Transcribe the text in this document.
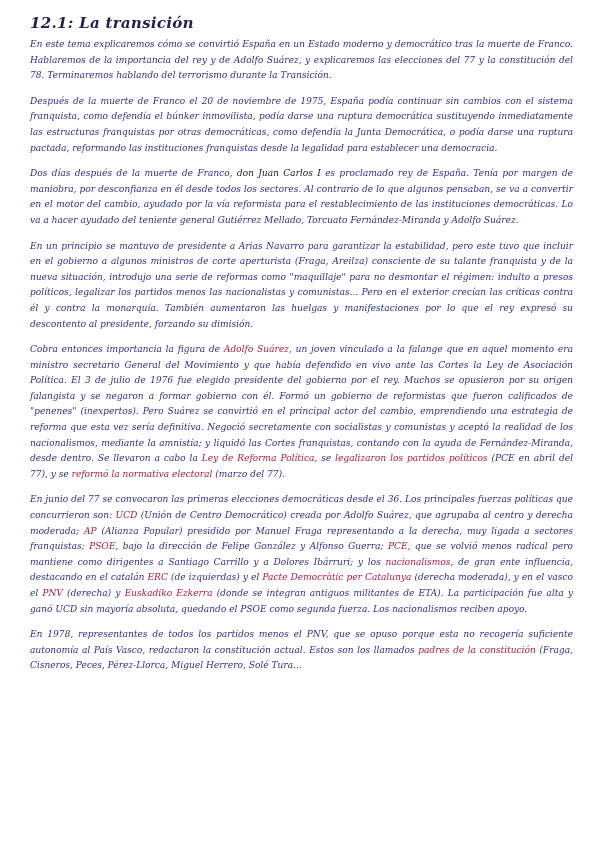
12.1: La transición

En este tema explicaremos cómo se convirtió España en un Estado moderno y democrático tras la muerte de Franco. Hablaremos de la importancia del rey y de Adolfo Suárez, y explicaremos las elecciones del 77 y la constitución del 78. Terminaremos hablando del terrorismo durante la Transición.

Después de la muerte de Franco el 20 de noviembre de 1975, España podía continuar sin cambios con el sistema franquista, como defendía el búnker inmovilista, podía darse una ruptura democrática sustituyendo inmediatamente las estructuras franquistas por otras democráticas, como defendía la Junta Democrática, o podía darse una ruptura pactada, reformando las instituciones franquistas desde la legalidad para establecer una democracia.

Dos días después de la muerte de Franco, don Juan Carlos I es proclamado rey de España. Tenía por margen de maniobra, por desconfianza en él desde todos los sectores. Al contrario de lo que algunos pensaban, se va a convertir en el motor del cambio, ayudado por la vía reformista para el restablecimiento de las instituciones democráticas. Lo va a hacer ayudado del teniente general Gutiérrez Mellado, Torcuato Fernández-Miranda y Adolfo Suárez.

En un principio se mantuvo de presidente a Arias Navarro para garantizar la estabilidad, pero este tuvo que incluir en el gobierno a algunos ministros de corte aperturista (Fraga, Areilza) consciente de su talante franquista y de la nueva situación, introdujo una serie de reformas como "maquillaje" para no desmontar el régimen: indulto a presos políticos, legalizar los partidos menos las nacionalistas y comunistas... Pero en el exterior crecían las críticas contra él y contra la monarquía. También aumentaron las huelgas y manifestaciones por lo que el rey expresó su descontento al presidente, forzando su dimisión.

Cobra entonces importancia la figura de Adolfo Suárez, un joven vinculado a la falange que en aquel momento era ministro secretario General del Movimiento y que había defendido en vivo ante las Cortes la Ley de Asociación Política. El 3 de julio de 1976 fue elegido presidente del gobierno por el rey. Muchos se opusieron por su origen falangista y se negaron a formar gobierno con él. Formó un gobierno de reformistas que fueron calificados de "penenes" (inexpertos). Pero Suárez se convirtió en el principal actor del cambio, emprendiendo una estrategia de reforma que esta vez sería definitiva. Negoció secretamente con socialistas y comunistas y aceptó la realidad de los nacionalismos, mediante la amnistía; y liquidó las Cortes franquistas, contando con la ayuda de Fernández-Miranda, desde dentro. Se llevaron a cabo la Ley de Reforma Política, se legalizaron los partidos políticos (PCE en abril del 77), y se reformó la normativa electoral (marzo del 77).

En junio del 77 se convocaron las primeras elecciones democráticas desde el 36. Los principales fuerzas políticas que concurrieron son: UCD (Unión de Centro Democrático) creada por Adolfo Suárez, que agrupaba al centro y derecha moderada; AP (Alianza Popular) presidido por Manuel Fraga representando a la derecha, muy ligada a sectores franquistas; PSOE, bajo la dirección de Felipe González y Alfonso Guerra; PCE, que se volvió menos radical pero mantiene como dirigentes a Santiago Carrillo y a Dolores Ibárruri; y los nacionalismos, de gran ente influencia, destacando en el catalán ERC (de izquierdas) y el Pacte Democràtic per Catalunya (derecha moderada), y en el vasco el PNV (derecha) y Euskadiko Ezkerra (donde se integran antiguos militantes de ETA). La participación fue alta y ganó UCD sin mayoría absoluta, quedando el PSOE como segunda fuerza. Los nacionalismos reciben apoyo.

En 1978, representantes de todos los partidos menos el PNV, que se opuso porque esta no recogería suficiente autonomía al País Vasco, redactaron la constitución actual. Estos son los llamados padres de la constitución (Fraga, Cisneros, Peces, Pérez-Llorca, Miguel Herrero, Solé Tura...
